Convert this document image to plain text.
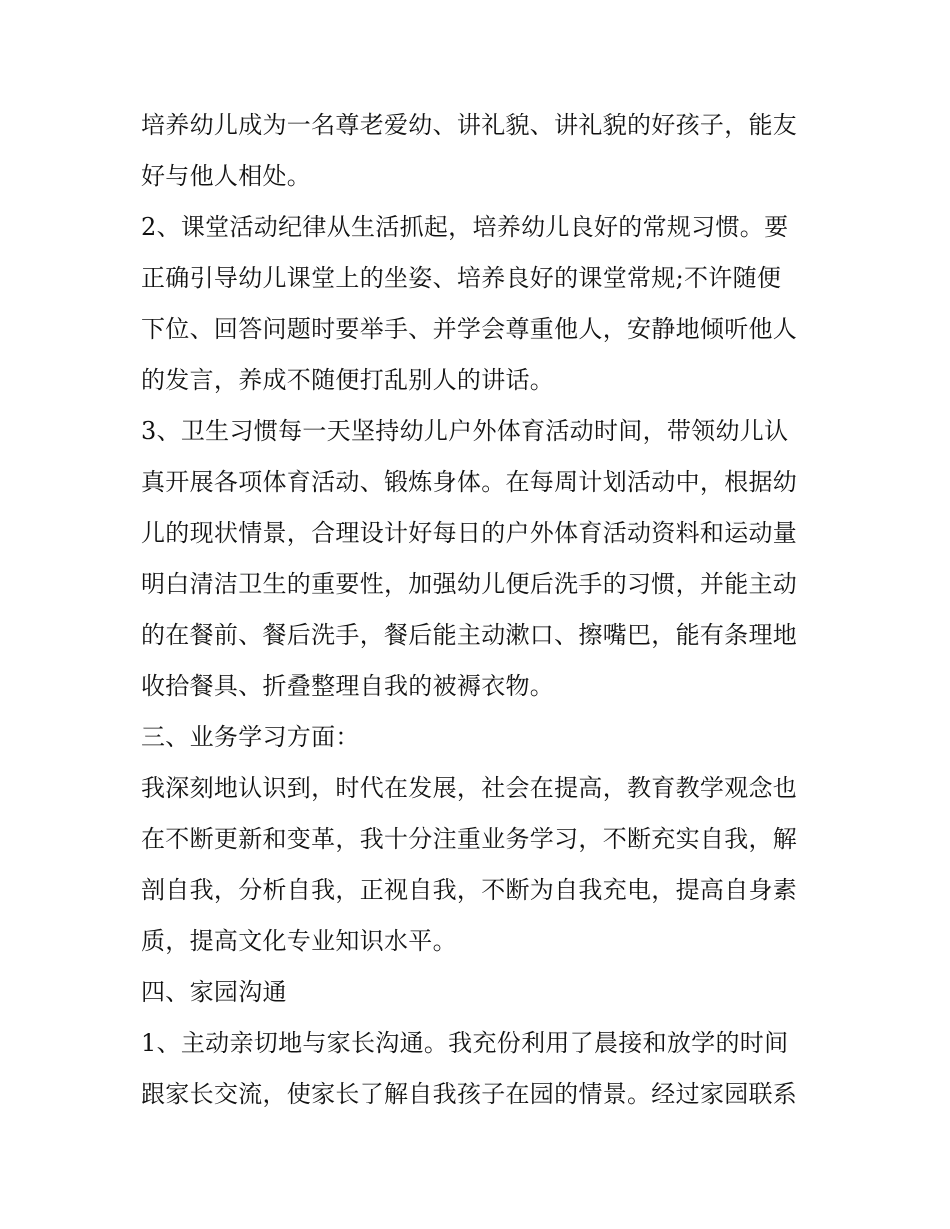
培养幼儿成为一名尊老爱幼、讲礼貌、讲礼貌的好孩子，能友
好与他人相处。
2、课堂活动纪律从生活抓起，培养幼儿良好的常规习惯。要
正确引导幼儿课堂上的坐姿、培养良好的课堂常规;不许随便
下位、回答问题时要举手、并学会尊重他人，安静地倾听他人
的发言，养成不随便打乱别人的讲话。
3、卫生习惯每一天坚持幼儿户外体育活动时间，带领幼儿认
真开展各项体育活动、锻炼身体。在每周计划活动中，根据幼
儿的现状情景，合理设计好每日的户外体育活动资料和运动量
明白清洁卫生的重要性，加强幼儿便后洗手的习惯，并能主动
的在餐前、餐后洗手，餐后能主动漱口、擦嘴巴，能有条理地
收拾餐具、折叠整理自我的被褥衣物。
三、业务学习方面：
我深刻地认识到，时代在发展，社会在提高，教育教学观念也
在不断更新和变革，我十分注重业务学习，不断充实自我，解
剖自我，分析自我，正视自我，不断为自我充电，提高自身素
质，提高文化专业知识水平。
四、家园沟通
1、主动亲切地与家长沟通。我充份利用了晨接和放学的时间
跟家长交流，使家长了解自我孩子在园的情景。经过家园联系
